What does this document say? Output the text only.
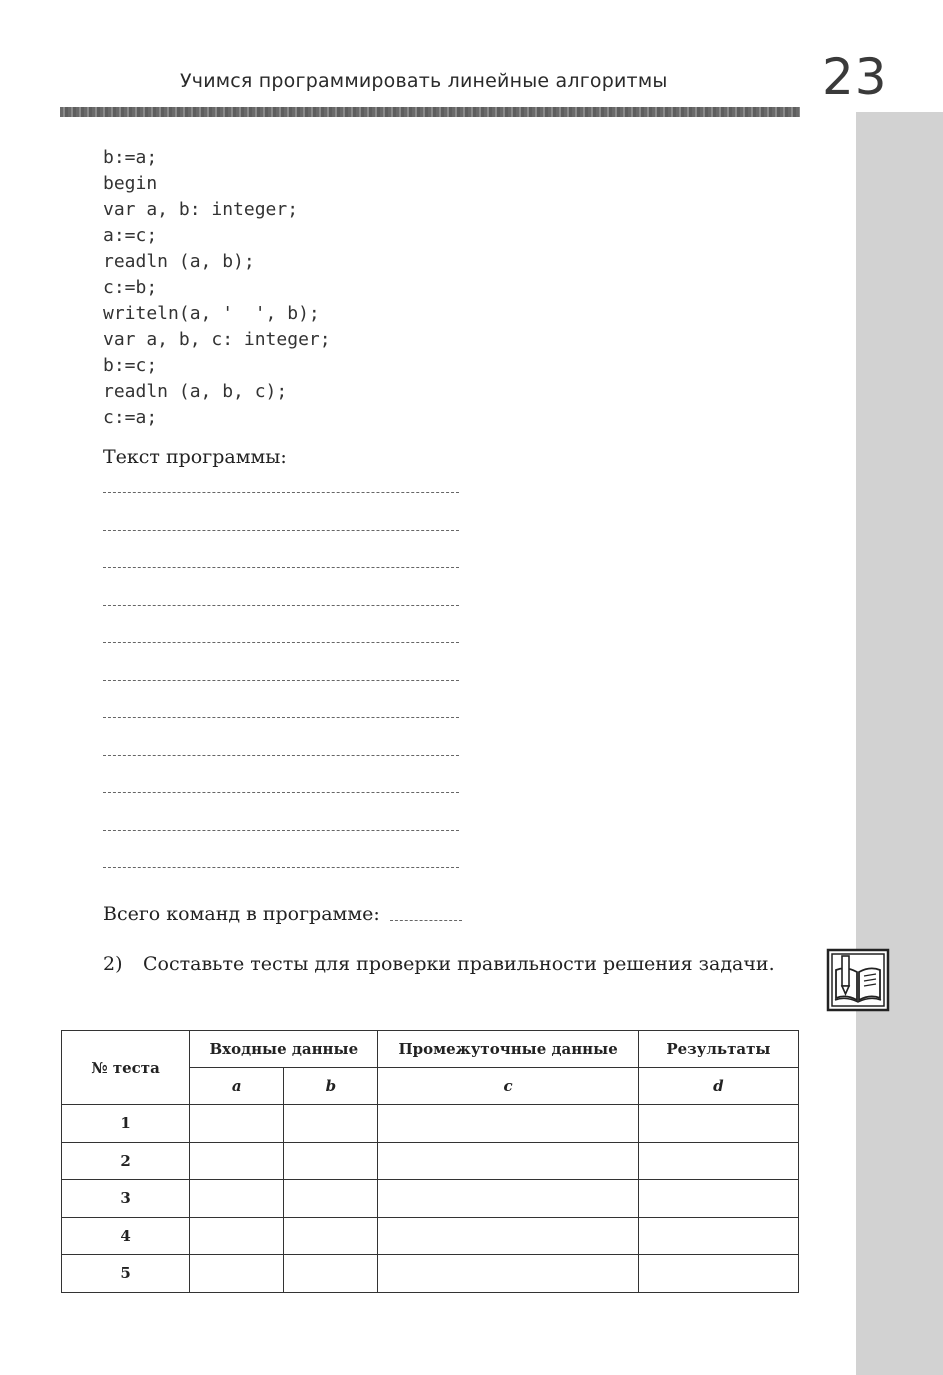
Учимся программировать линейные алгоритмы	23
b:=a;
begin
var a, b: integer;
a:=c;
readln (a, b);
c:=b;
writeln(a, '  ', b);
var a, b, c: integer;
b:=c;
readln (a, b, c);
c:=a;
Текст программы:
Всего команд в программе:
2)	Составьте тесты для проверки правильности решения задачи.
№ теста	Входные данные		Промежуточные данные	Результаты
	a	b	c	d
1				
2				
3				
4				
5				
